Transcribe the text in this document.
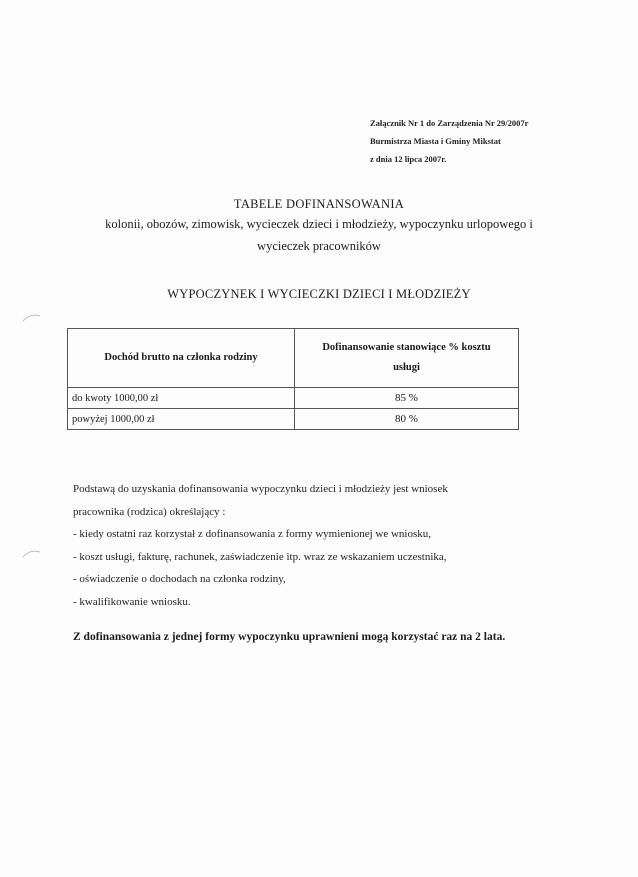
Załącznik Nr 1 do Zarządzenia Nr 29/2007r
Burmistrza Miasta i Gminy Mikstat
z dnia 12 lipca 2007r.
TABELE DOFINANSOWANIA
kolonii, obozów, zimowisk, wycieczek dzieci i młodzieży, wypoczynku urlopowego i
wycieczek pracowników
WYPOCZYNEK I WYCIECZKI DZIECI I MŁODZIEŻY
Dochód brutto na członka rodziny	Dofinansowanie stanowiące % kosztu
usługi

do kwoty 1000,00 zł	85 %
powyżej 1000,00 zł	80 %
Podstawą do uzyskania dofinansowania wypoczynku dzieci i młodzieży jest wniosek
pracownika (rodzica) określający :
- kiedy ostatni raz korzystał z dofinansowania z formy wymienionej we wniosku,
- koszt usługi, fakturę, rachunek, zaświadczenie itp. wraz ze wskazaniem uczestnika,
- oświadczenie o dochodach na członka rodziny,
- kwalifikowanie wniosku.
Z dofinansowania z jednej formy wypoczynku uprawnieni mogą korzystać raz na 2 lata.
